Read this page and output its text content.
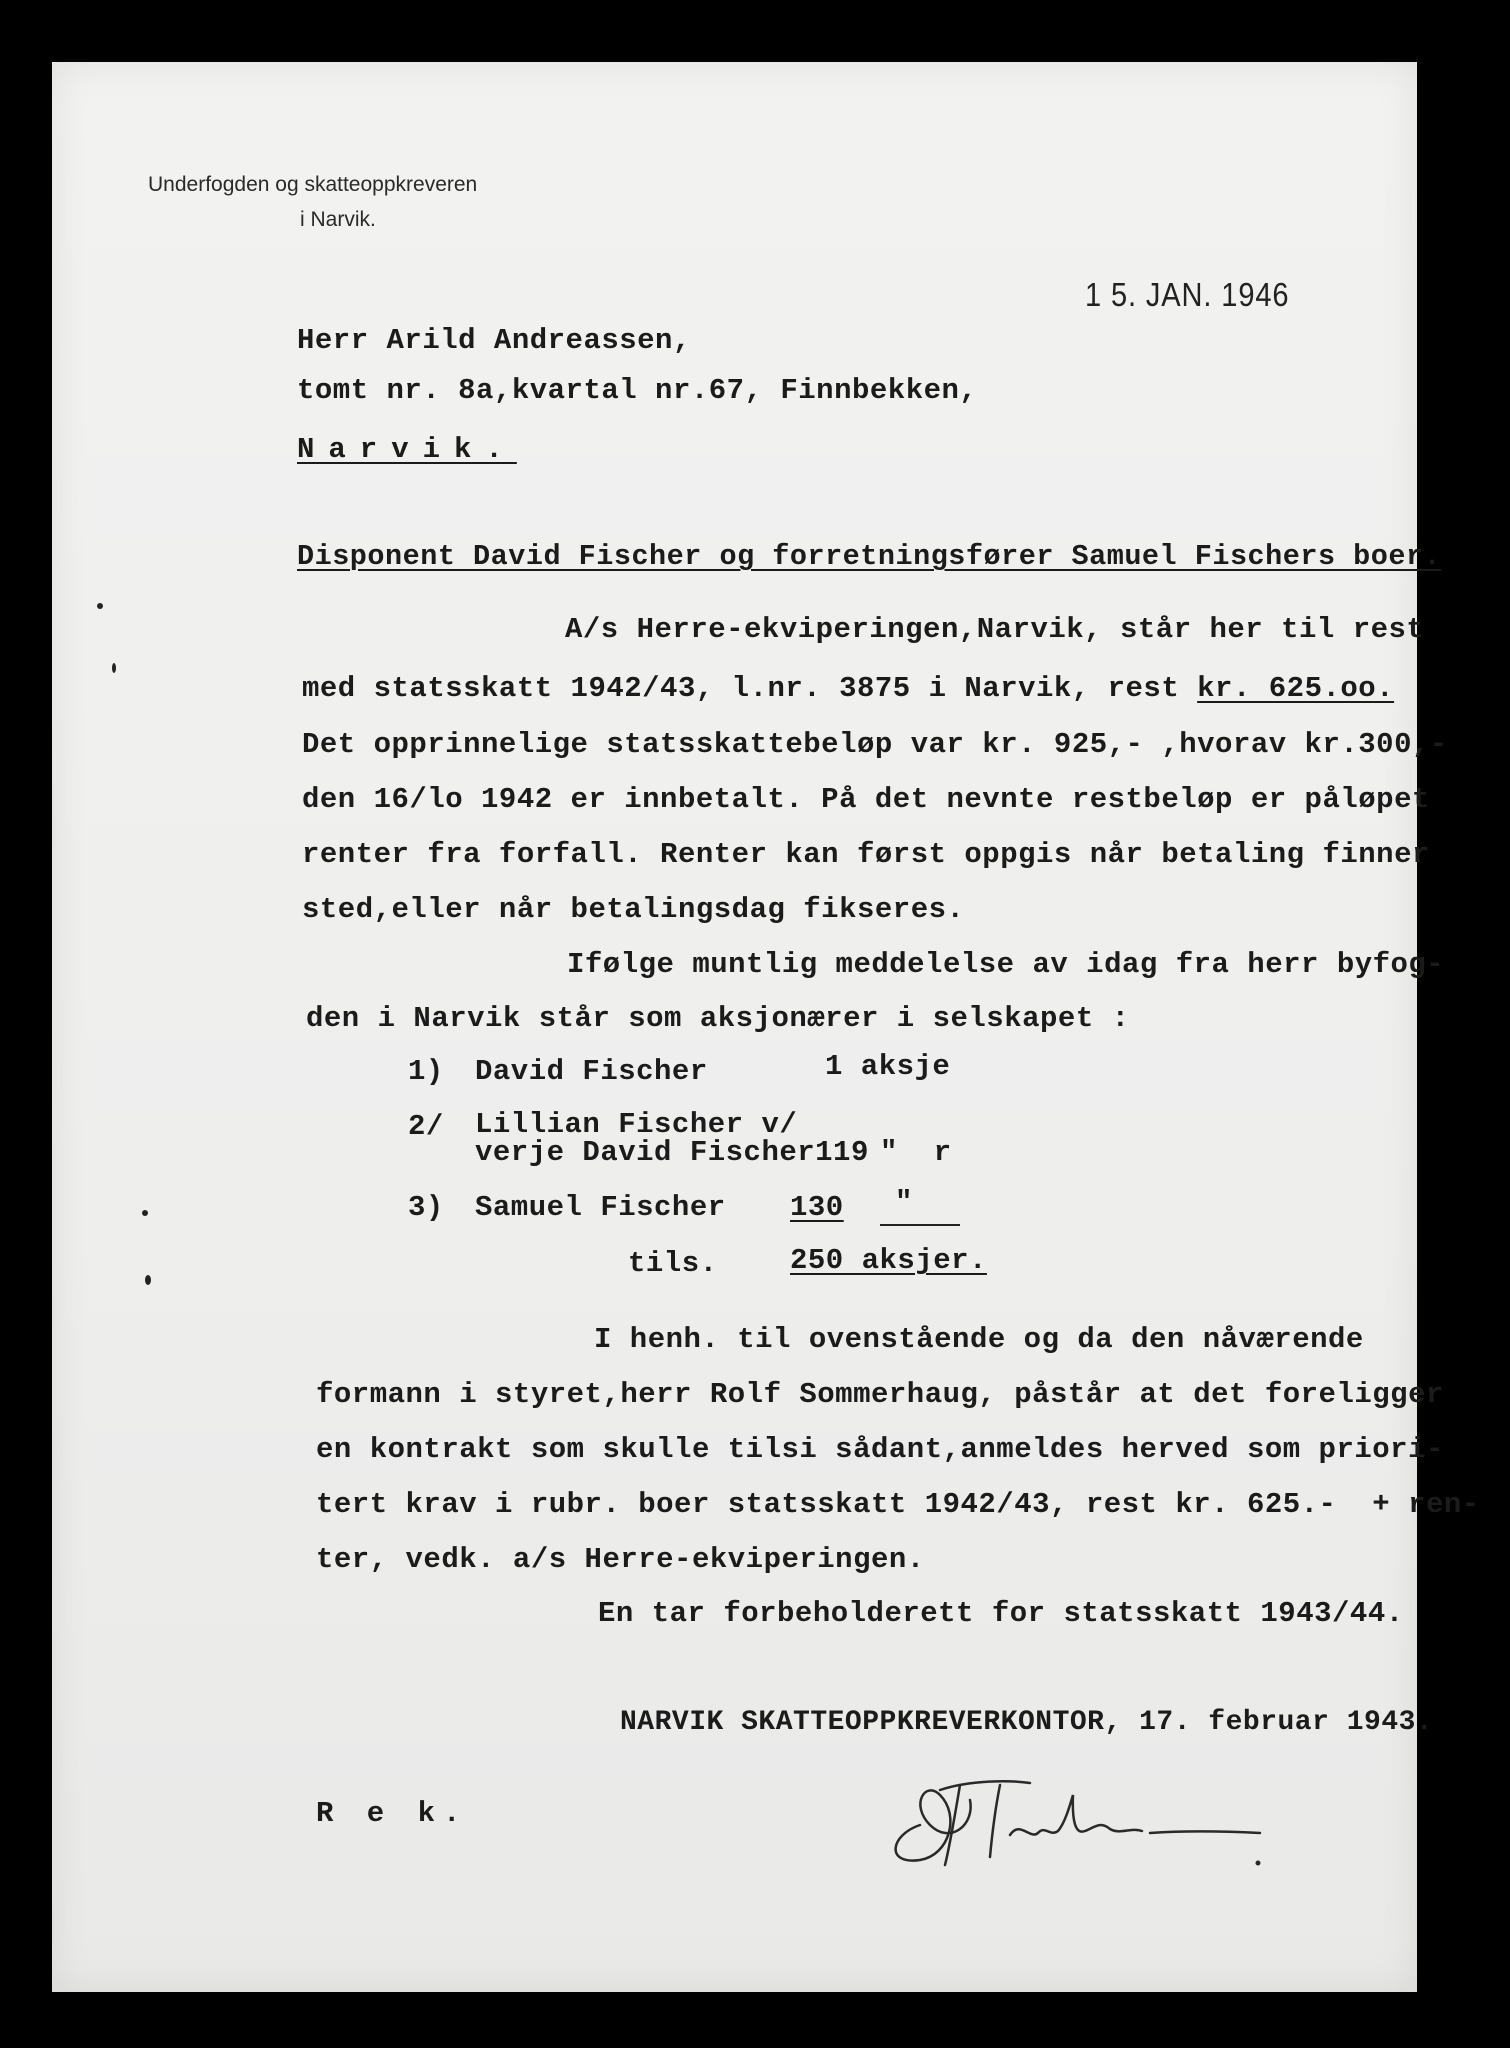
Underfogden og skatteoppkreveren
i Narvik.
1 5. JAN. 1946
Herr Arild Andreassen,
tomt nr. 8a,kvartal nr.67, Finnbekken,
Narvik.
Disponent David Fischer og forretningsfører Samuel Fischers boer.
A/s Herre-ekviperingen,Narvik, står her til rest
med statsskatt 1942/43, l.nr. 3875 i Narvik, rest kr. 625.oo.
Det opprinnelige statsskattebeløp var kr. 925,- ,hvorav kr.300,-
den 16/lo 1942 er innbetalt. På det nevnte restbeløp er påløpet
renter fra forfall. Renter kan først oppgis når betaling finner
sted,eller når betalingsdag fikseres.
Ifølge muntlig meddelelse av idag fra herr byfog-
den i Narvik står som aksjonærer i selskapet :
1) David Fischer	1 aksje
2/ Lillian Fischer v/
verje David Fischer119 "  r
3) Samuel Fischer 130 "
tils. 250 aksjer.
I henh. til ovenstående og da den nåværende
formann i styret,herr Rolf Sommerhaug, påstår at det foreligger
en kontrakt som skulle tilsi sådant,anmeldes herved som priori-
tert krav i rubr. boer statsskatt 1942/43, rest kr. 625.-  + ren-
ter, vedk. a/s Herre-ekviperingen.
En tar forbeholderett for statsskatt 1943/44.
NARVIK SKATTEOPPKREVERKONTOR, 17. februar 1943.
R e k.
